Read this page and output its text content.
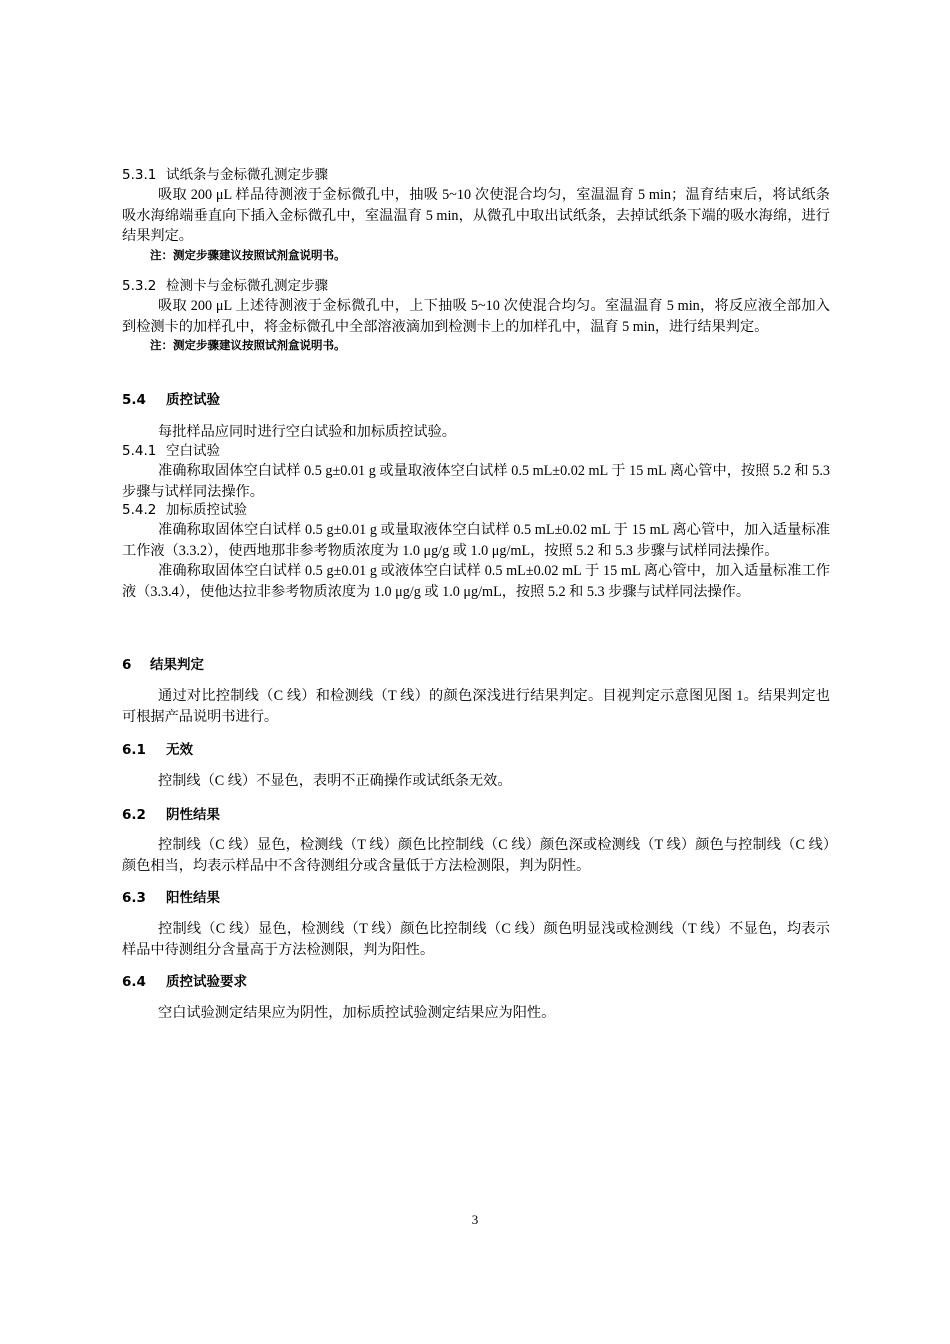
5.3.1 试纸条与金标微孔测定步骤

吸取 200 μL 样品待测液于金标微孔中，抽吸 5~10 次使混合均匀，室温温育 5 min；温育结束后，将试纸条吸水海绵端垂直向下插入金标微孔中，室温温育 5 min，从微孔中取出试纸条，去掉试纸条下端的吸水海绵，进行结果判定。

注：测定步骤建议按照试剂盒说明书。
5.3.2 检测卡与金标微孔测定步骤

吸取 200 μL 上述待测液于金标微孔中，上下抽吸 5~10 次使混合均匀。室温温育 5 min，将反应液全部加入到检测卡的加样孔中，将金标微孔中全部溶液滴加到检测卡上的加样孔中，温育 5 min，进行结果判定。

注：测定步骤建议按照试剂盒说明书。
5.4 质控试验

每批样品应同时进行空白试验和加标质控试验。

5.4.1 空白试验

准确称取固体空白试样 0.5 g±0.01 g 或量取液体空白试样 0.5 mL±0.02 mL 于 15 mL 离心管中，按照 5.2 和 5.3 步骤与试样同法操作。

5.4.2 加标质控试验

准确称取固体空白试样 0.5 g±0.01 g 或量取液体空白试样 0.5 mL±0.02 mL 于 15 mL 离心管中，加入适量标准工作液（3.3.2），使西地那非参考物质浓度为 1.0 μg/g 或 1.0 μg/mL，按照 5.2 和 5.3 步骤与试样同法操作。

准确称取固体空白试样 0.5 g±0.01 g 或液体空白试样 0.5 mL±0.02 mL 于 15 mL 离心管中，加入适量标准工作液（3.3.4），使他达拉非参考物质浓度为 1.0 μg/g 或 1.0 μg/mL，按照 5.2 和 5.3 步骤与试样同法操作。

6 结果判定

通过对比控制线（C 线）和检测线（T 线）的颜色深浅进行结果判定。目视判定示意图见图 1。结果判定也可根据产品说明书进行。

6.1 无效

控制线（C 线）不显色，表明不正确操作或试纸条无效。

6.2 阴性结果

控制线（C 线）显色，检测线（T 线）颜色比控制线（C 线）颜色深或检测线（T 线）颜色与控制线（C 线）颜色相当，均表示样品中不含待测组分或含量低于方法检测限，判为阴性。

6.3 阳性结果

控制线（C 线）显色，检测线（T 线）颜色比控制线（C 线）颜色明显浅或检测线（T 线）不显色，均表示样品中待测组分含量高于方法检测限，判为阳性。

6.4 质控试验要求

空白试验测定结果应为阴性，加标质控试验测定结果应为阳性。

3
